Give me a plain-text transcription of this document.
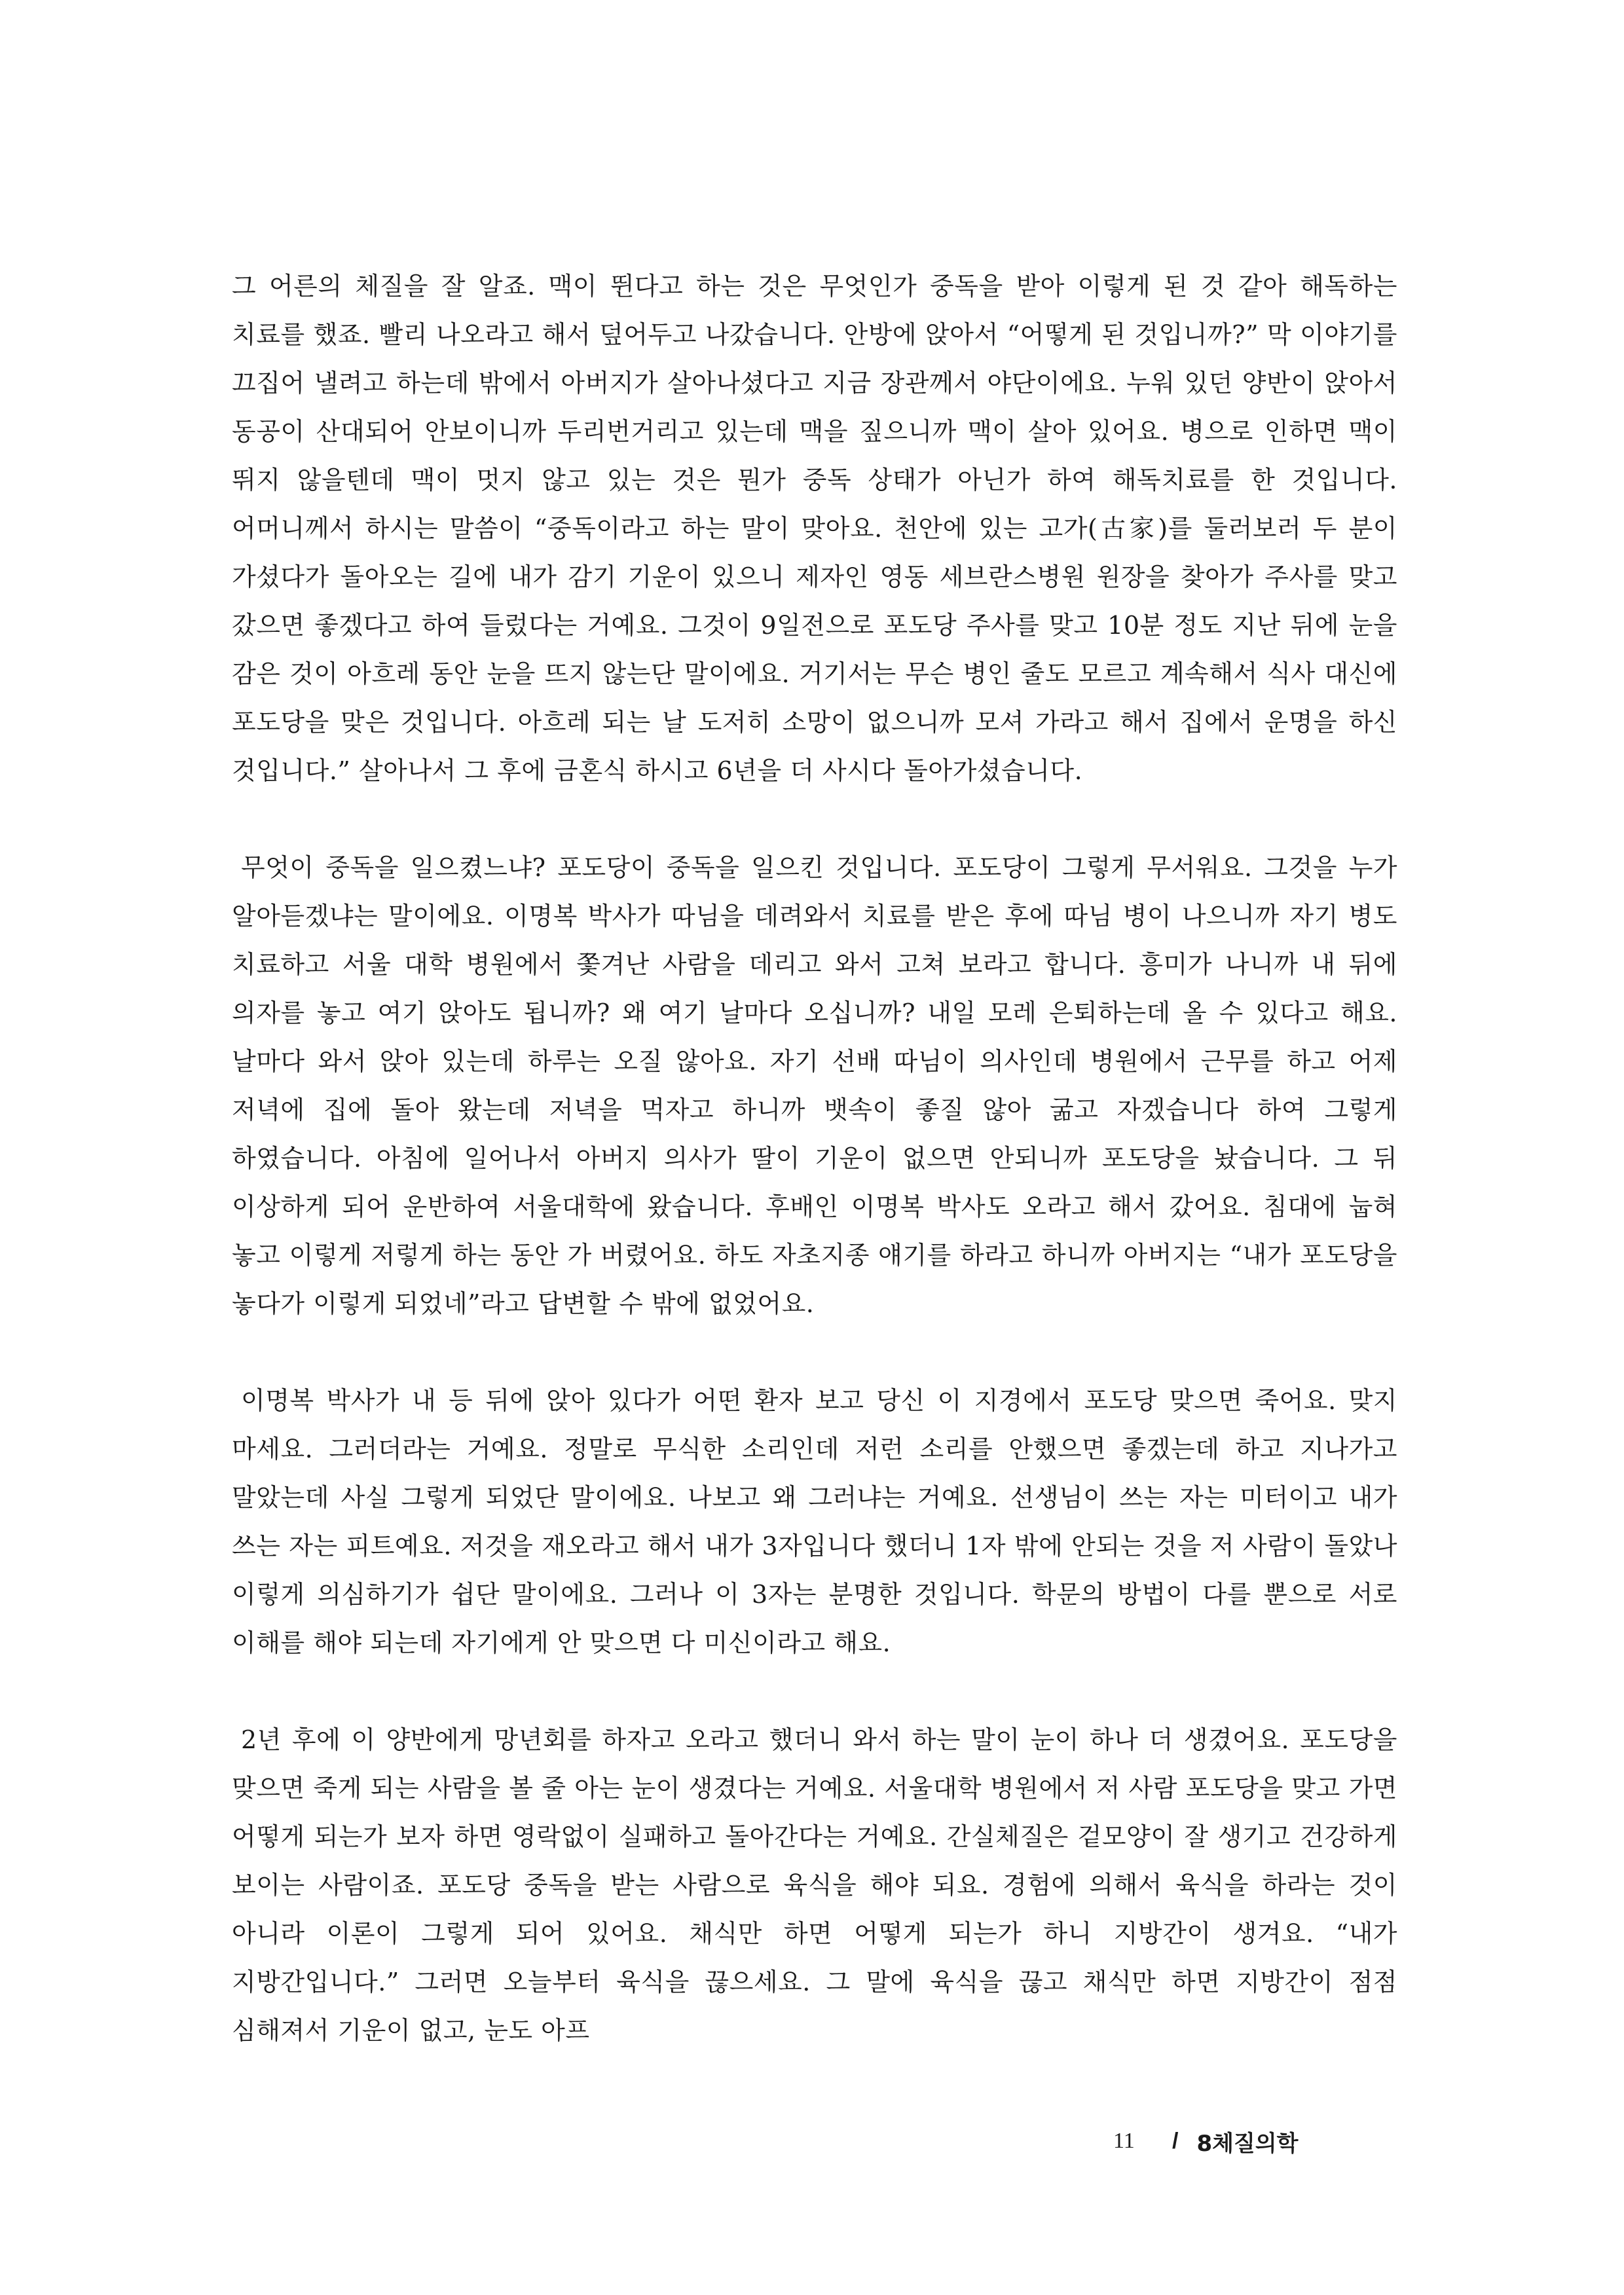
그 어른의 체질을 잘 알죠. 맥이 뛴다고 하는 것은 무엇인가 중독을 받아 이렇게 된 것 같아 해독하는 치료를 했죠. 빨리 나오라고 해서 덮어두고 나갔습니다. 안방에 앉아서 “어떻게 된 것입니까?” 막 이야기를 끄집어 낼려고 하는데 밖에서 아버지가 살아나셨다고 지금 장관께서 야단이에요. 누워 있던 양반이 앉아서 동공이 산대되어 안보이니까 두리번거리고 있는데 맥을 짚으니까 맥이 살아 있어요. 병으로 인하면 맥이 뛰지 않을텐데 맥이 멋지 않고 있는 것은 뭔가 중독 상태가 아닌가 하여 해독치료를 한 것입니다. 어머니께서 하시는 말씀이 “중독이라고 하는 말이 맞아요. 천안에 있는 고가(古家)를 둘러보러 두 분이 가셨다가 돌아오는 길에 내가 감기 기운이 있으니 제자인 영동 세브란스병원 원장을 찾아가 주사를 맞고 갔으면 좋겠다고 하여 들렀다는 거예요. 그것이 9일전으로 포도당 주사를 맞고 10분 정도 지난 뒤에 눈을 감은 것이 아흐레 동안 눈을 뜨지 않는단 말이에요. 거기서는 무슨 병인 줄도 모르고 계속해서 식사 대신에 포도당을 맞은 것입니다. 아흐레 되는 날 도저히 소망이 없으니까 모셔 가라고 해서 집에서 운명을 하신 것입니다.” 살아나서 그 후에 금혼식 하시고 6년을 더 사시다 돌아가셨습니다.

무엇이 중독을 일으켰느냐? 포도당이 중독을 일으킨 것입니다. 포도당이 그렇게 무서워요. 그것을 누가 알아듣겠냐는 말이에요. 이명복 박사가 따님을 데려와서 치료를 받은 후에 따님 병이 나으니까 자기 병도 치료하고 서울 대학 병원에서 쫓겨난 사람을 데리고 와서 고쳐 보라고 합니다. 흥미가 나니까 내 뒤에 의자를 놓고 여기 앉아도 됩니까? 왜 여기 날마다 오십니까? 내일 모레 은퇴하는데 올 수 있다고 해요. 날마다 와서 앉아 있는데 하루는 오질 않아요. 자기 선배 따님이 의사인데 병원에서 근무를 하고 어제 저녁에 집에 돌아 왔는데 저녁을 먹자고 하니까 뱃속이 좋질 않아 굶고 자겠습니다 하여 그렇게 하였습니다. 아침에 일어나서 아버지 의사가 딸이 기운이 없으면 안되니까 포도당을 놨습니다. 그 뒤 이상하게 되어 운반하여 서울대학에 왔습니다. 후배인 이명복 박사도 오라고 해서 갔어요. 침대에 눕혀 놓고 이렇게 저렇게 하는 동안 가 버렸어요. 하도 자초지종 얘기를 하라고 하니까 아버지는 “내가 포도당을 놓다가 이렇게 되었네”라고 답변할 수 밖에 없었어요.

이명복 박사가 내 등 뒤에 앉아 있다가 어떤 환자 보고 당신 이 지경에서 포도당 맞으면 죽어요. 맞지 마세요. 그러더라는 거예요. 정말로 무식한 소리인데 저런 소리를 안했으면 좋겠는데 하고 지나가고 말았는데 사실 그렇게 되었단 말이에요. 나보고 왜 그러냐는 거예요. 선생님이 쓰는 자는 미터이고 내가 쓰는 자는 피트예요. 저것을 재오라고 해서 내가 3자입니다 했더니 1자 밖에 안되는 것을 저 사람이 돌았나 이렇게 의심하기가 쉽단 말이에요. 그러나 이 3자는 분명한 것입니다. 학문의 방법이 다를 뿐으로 서로 이해를 해야 되는데 자기에게 안 맞으면 다 미신이라고 해요.

2년 후에 이 양반에게 망년회를 하자고 오라고 했더니 와서 하는 말이 눈이 하나 더 생겼어요. 포도당을 맞으면 죽게 되는 사람을 볼 줄 아는 눈이 생겼다는 거예요. 서울대학 병원에서 저 사람 포도당을 맞고 가면 어떻게 되는가 보자 하면 영락없이 실패하고 돌아간다는 거예요. 간실체질은 겉모양이 잘 생기고 건강하게 보이는 사람이죠. 포도당 중독을 받는 사람으로 육식을 해야 되요. 경험에 의해서 육식을 하라는 것이 아니라 이론이 그렇게 되어 있어요. 채식만 하면 어떻게 되는가 하니 지방간이 생겨요. “내가 지방간입니다.” 그러면 오늘부터 육식을 끊으세요. 그 말에 육식을 끊고 채식만 하면 지방간이 점점 심해져서 기운이 없고, 눈도 아프

11	/ 8체질의학
